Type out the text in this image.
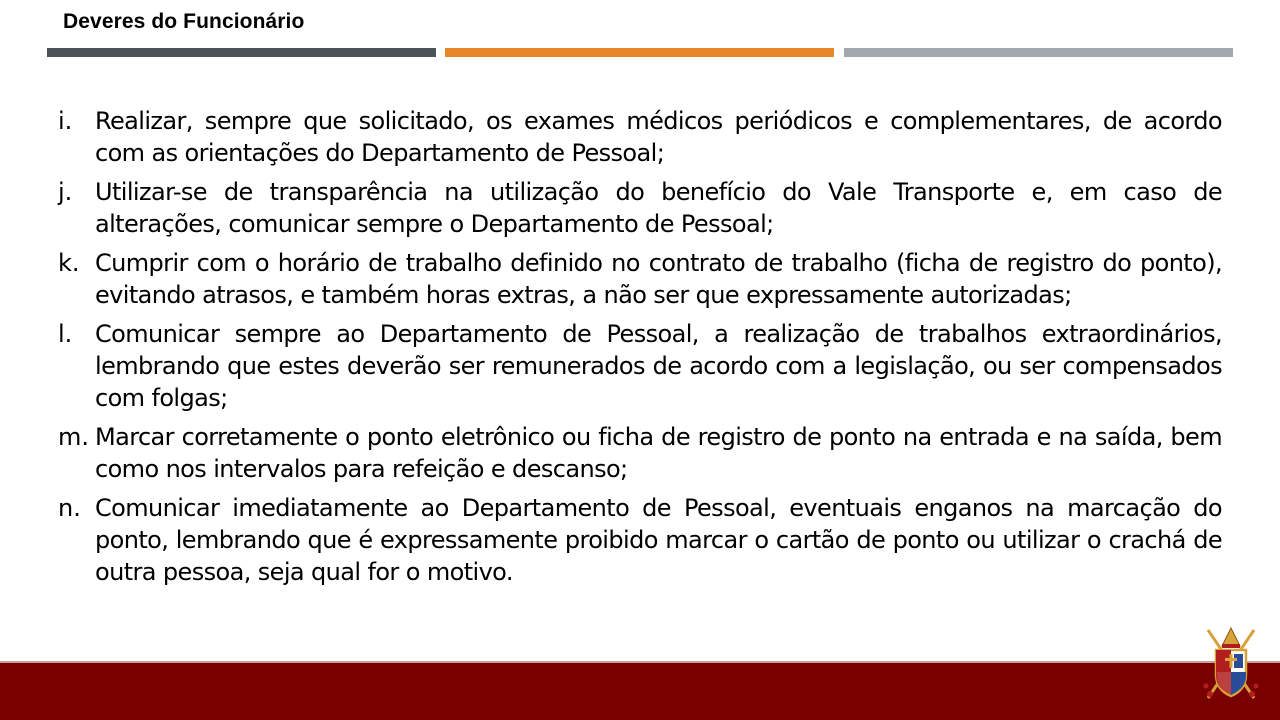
Deveres do Funcionário
i. Realizar, sempre que solicitado, os exames médicos periódicos e complementares, de acordo com as orientações do Departamento de Pessoal;
j. Utilizar-se de transparência na utilização do benefício do Vale Transporte e, em caso de alterações, comunicar sempre o Departamento de Pessoal;
k. Cumprir com o horário de trabalho definido no contrato de trabalho (ficha de registro do ponto), evitando atrasos, e também horas extras, a não ser que expressamente autorizadas;
l. Comunicar sempre ao Departamento de Pessoal, a realização de trabalhos extraordinários, lembrando que estes deverão ser remunerados de acordo com a legislação, ou ser compensados com folgas;
m. Marcar corretamente o ponto eletrônico ou ficha de registro de ponto na entrada e na saída, bem como nos intervalos para refeição e descanso;
n. Comunicar imediatamente ao Departamento de Pessoal, eventuais enganos na marcação do ponto, lembrando que é expressamente proibido marcar o cartão de ponto ou utilizar o crachá de outra pessoa, seja qual for o motivo.
